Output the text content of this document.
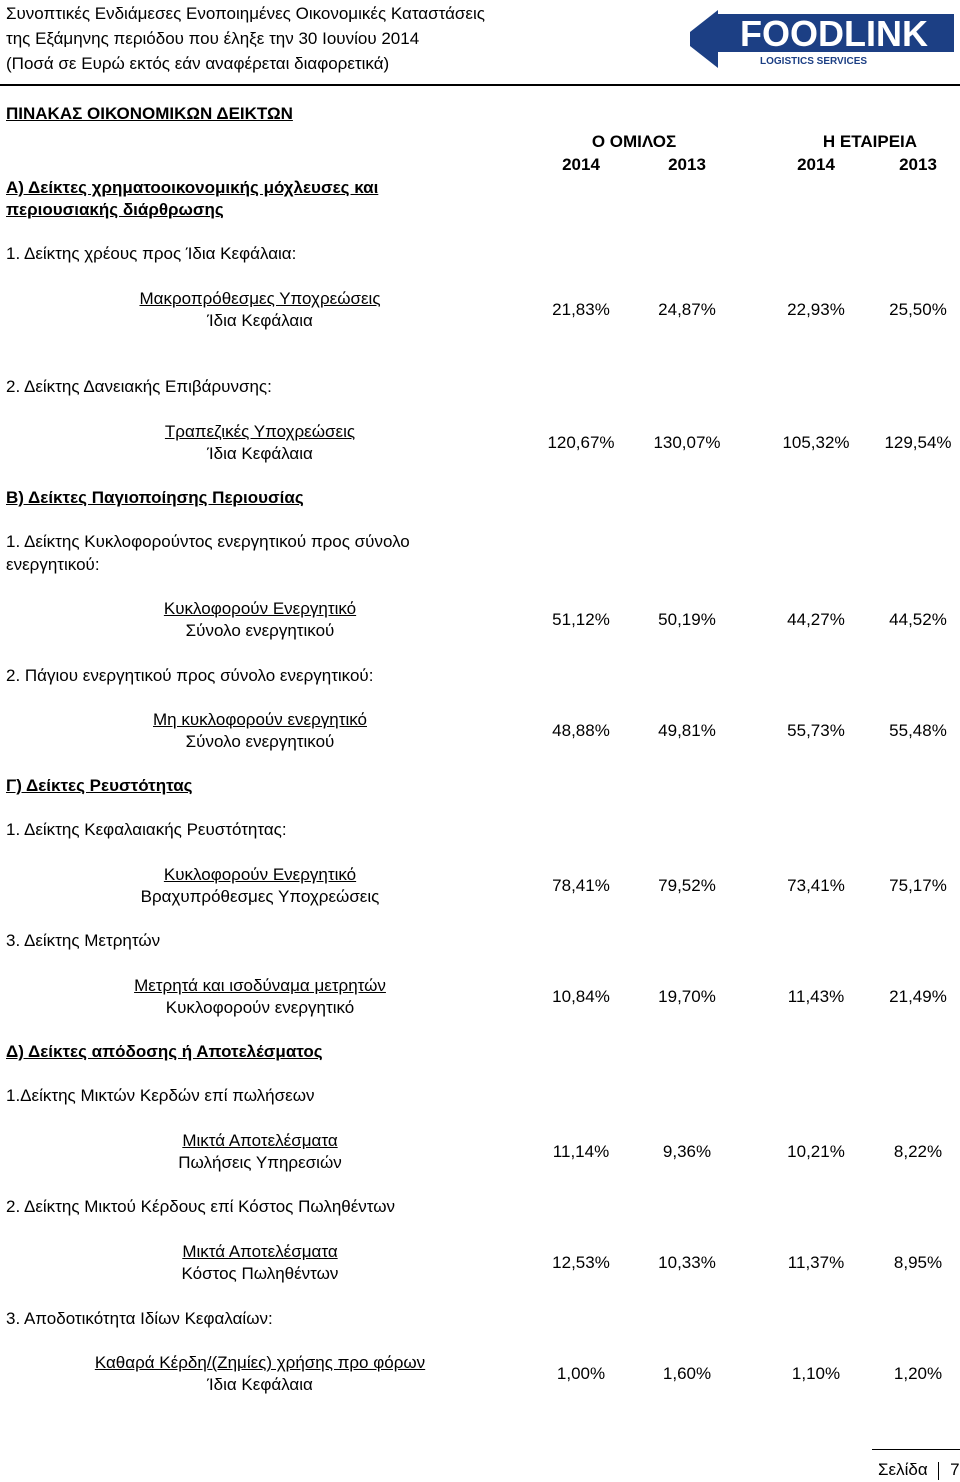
Συνοπτικές Ενδιάμεσες Ενοποιημένες Οικονομικές Καταστάσεις
της Εξάμηνης περιόδου που έληξε την 30 Ιουνίου 2014
(Ποσά σε Ευρώ εκτός εάν αναφέρεται διαφορετικά)
FOODLINK
LOGISTICS SERVICES
ΠΙΝΑΚΑΣ ΟΙΚΟΝΟΜΙΚΩΝ ΔΕΙΚΤΩΝ
Ο ΟΜΙΛΟΣ	Η ΕΤΑΙΡΕΙΑ
2014	2013	2014	2013
Α) Δείκτες χρηματοοικονομικής μόχλευσες και
περιουσιακής διάρθρωσης
1. Δείκτης χρέους προς Ίδια Κεφάλαια:
Μακροπρόθεσμες Υποχρεώσεις
Ίδια Κεφάλαια
21,83%	24,87%	22,93%	25,50%
2. Δείκτης Δανειακής Επιβάρυνσης:
Τραπεζικές Υποχρεώσεις
Ίδια Κεφάλαια
120,67%	130,07%	105,32%	129,54%
Β) Δείκτες Παγιοποίησης Περιουσίας
1. Δείκτης Κυκλοφορούντος ενεργητικού προς σύνολο
ενεργητικού:
Κυκλοφορούν Ενεργητικό
Σύνολο ενεργητικού
51,12%	50,19%	44,27%	44,52%
2. Πάγιου ενεργητικού προς σύνολο ενεργητικού:
Μη κυκλοφορούν ενεργητικό
Σύνολο ενεργητικού
48,88%	49,81%	55,73%	55,48%
Γ) Δείκτες Ρευστότητας
1. Δείκτης Κεφαλαιακής Ρευστότητας:
Κυκλοφορούν Ενεργητικό
Βραχυπρόθεσμες Υποχρεώσεις
78,41%	79,52%	73,41%	75,17%
3. Δείκτης Μετρητών
Μετρητά και ισοδύναμα μετρητών
Κυκλοφορούν ενεργητικό
10,84%	19,70%	11,43%	21,49%
Δ) Δείκτες απόδοσης ή Αποτελέσματος
1.Δείκτης Μικτών Κερδών επί πωλήσεων
Μικτά Αποτελέσματα
Πωλήσεις Υπηρεσιών
11,14%	9,36%	10,21%	8,22%
2. Δείκτης Μικτού Κέρδους επί Κόστος Πωληθέντων
Μικτά Αποτελέσματα
Κόστος Πωληθέντων
12,53%	10,33%	11,37%	8,95%
3. Αποδοτικότητα Ιδίων Κεφαλαίων:
Καθαρά Κέρδη/(Ζημίες) χρήσης προ φόρων
Ίδια Κεφάλαια
1,00%	1,60%	1,10%	1,20%
Σελίδα 7
